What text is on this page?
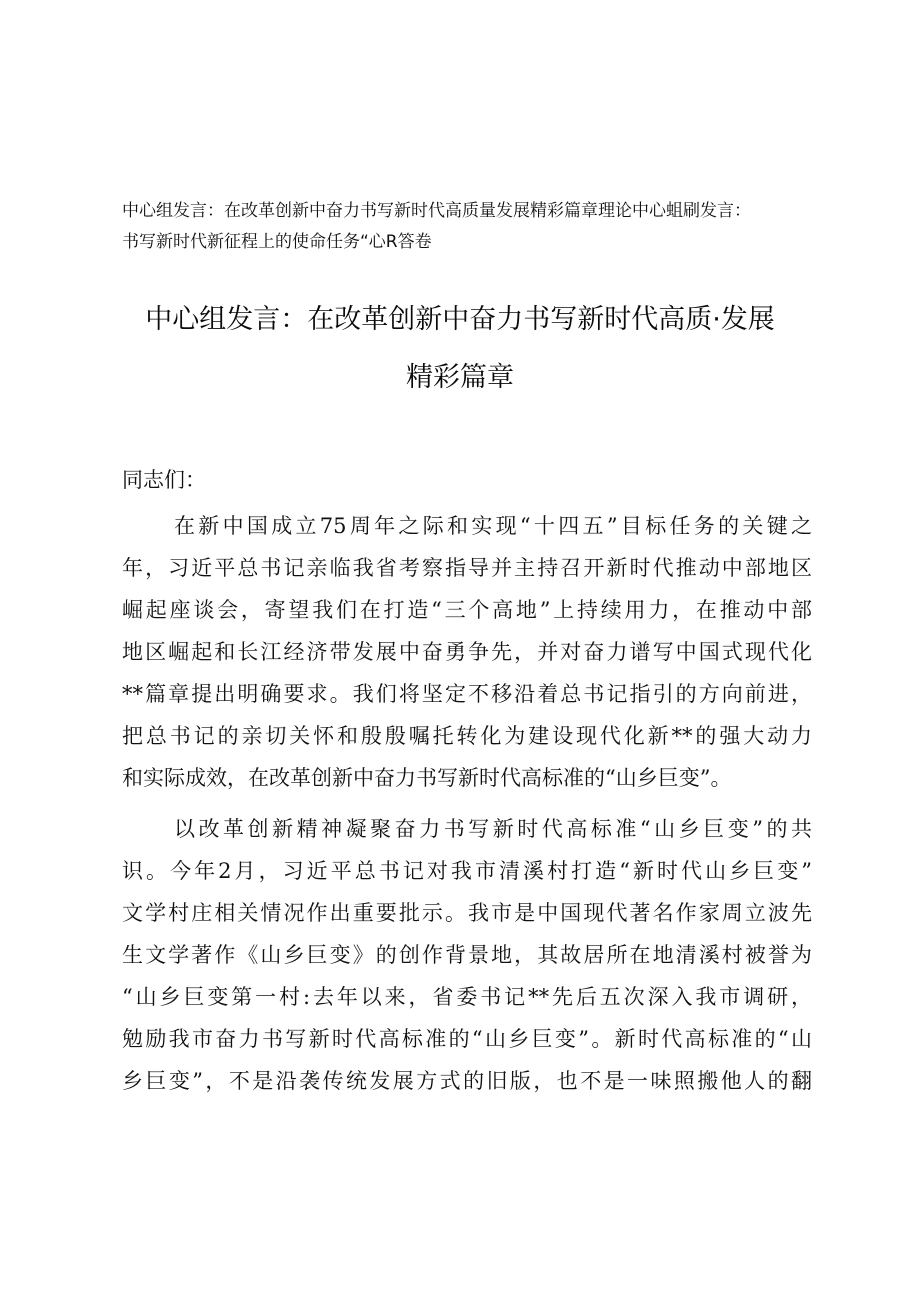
中心组发言：在改革创新中奋力书写新时代高质量发展精彩篇章理论中心蛆刷发言：
书写新时代新征程上的使命任务“心R答卷
中心组发言：在改革创新中奋力书写新时代高质·发展
精彩篇章
同志们：
在新中国成立75周年之际和实现“十四五”目标任务的关键之
年，习近平总书记亲临我省考察指导并主持召开新时代推动中部地区
崛起座谈会，寄望我们在打造“三个高地”上持续用力，在推动中部
地区崛起和长江经济带发展中奋勇争先，并对奋力谱写中国式现代化
**篇章提出明确要求。我们将坚定不移沿着总书记指引的方向前进，
把总书记的亲切关怀和殷殷嘱托转化为建设现代化新**的强大动力
和实际成效，在改革创新中奋力书写新时代高标准的“山乡巨变”。
以改革创新精神凝聚奋力书写新时代高标准“山乡巨变”的共
识。今年2月，习近平总书记对我市清溪村打造“新时代山乡巨变”
文学村庄相关情况作出重要批示。我市是中国现代著名作家周立波先
生文学著作《山乡巨变》的创作背景地，其故居所在地清溪村被誉为
“山乡巨变第一村:去年以来，省委书记**先后五次深入我市调研，
勉励我市奋力书写新时代高标准的“山乡巨变”。新时代高标准的“山
乡巨变”，不是沿袭传统发展方式的旧版，也不是一味照搬他人的翻
